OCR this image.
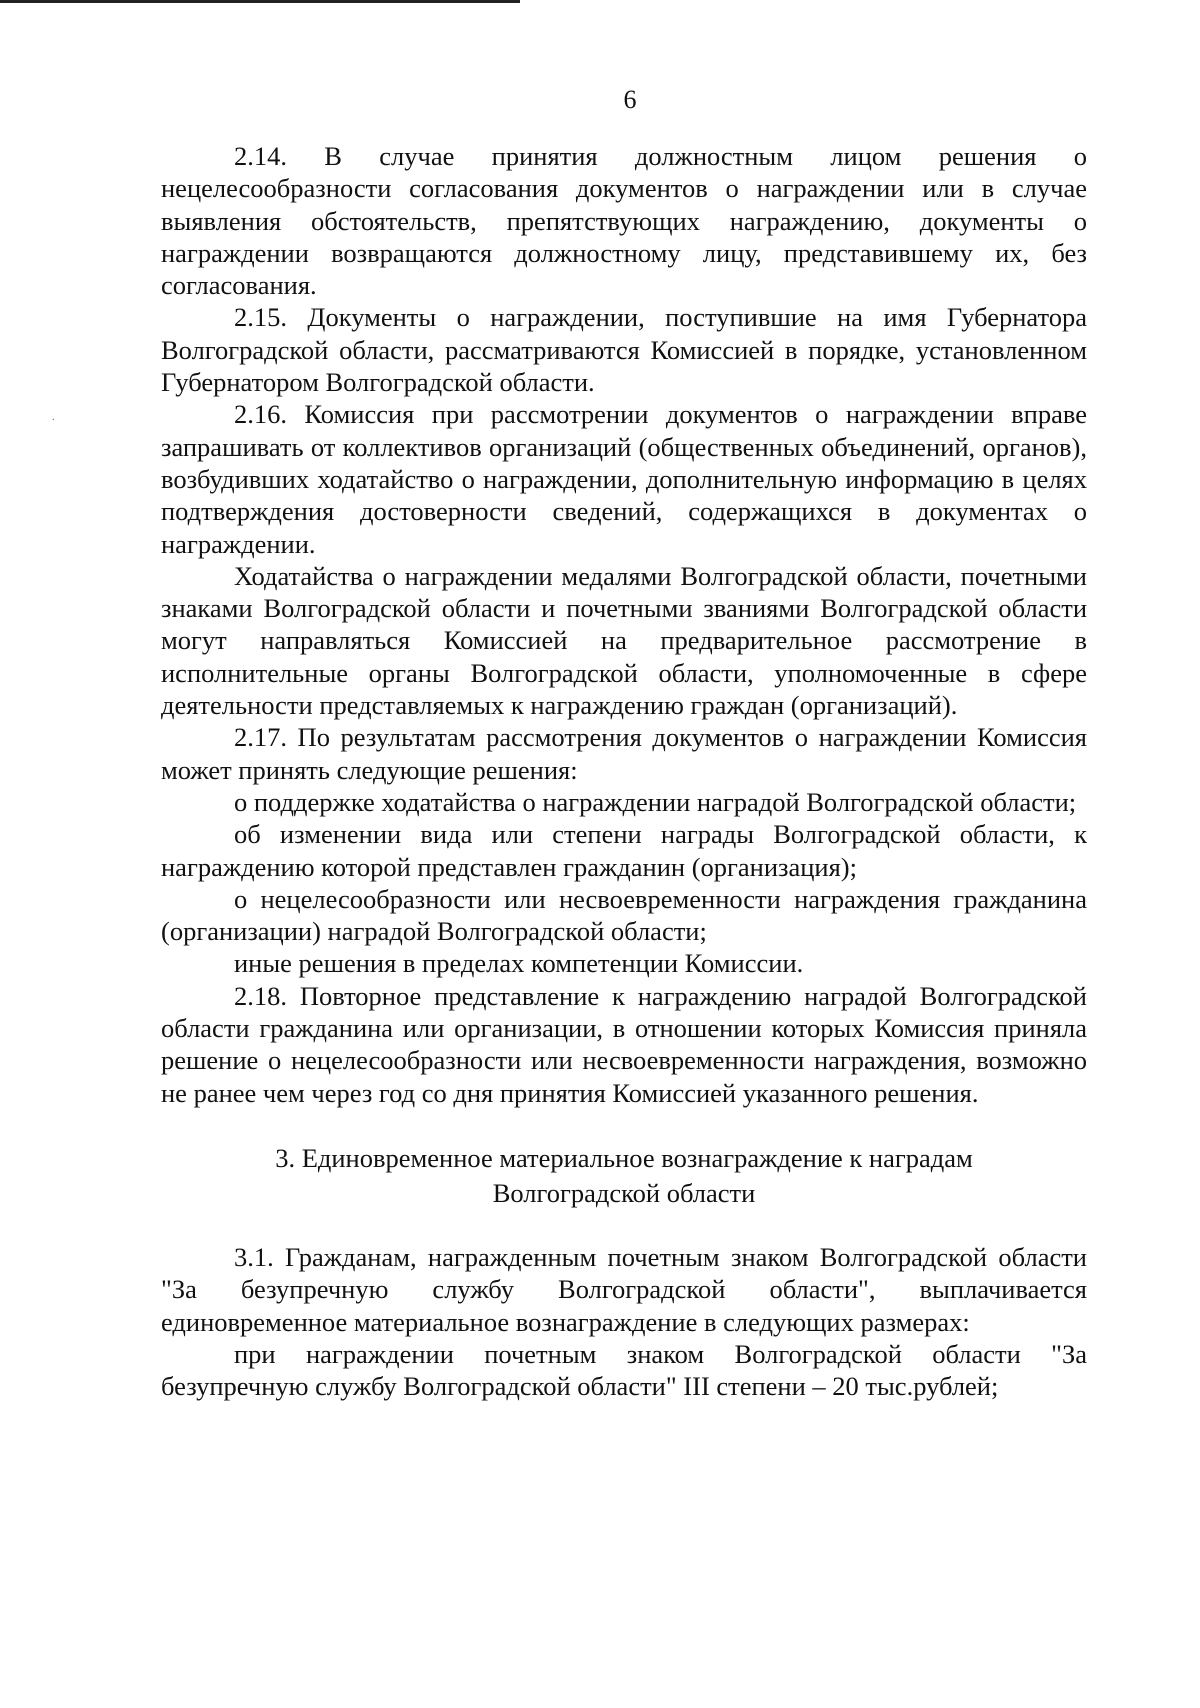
.
6

2.14. В случае принятия должностным лицом решения о нецелесообразности согласования документов о награждении или в случае выявления обстоятельств, препятствующих награждению, документы о награждении возвращаются должностному лицу, представившему их, без согласования.

2.15. Документы о награждении, поступившие на имя Губернатора Волгоградской области, рассматриваются Комиссией в порядке, установленном Губернатором Волгоградской области.

2.16. Комиссия при рассмотрении документов о награждении вправе запрашивать от коллективов организаций (общественных объединений, органов), возбудивших ходатайство о награждении, дополнительную информацию в целях подтверждения достоверности сведений, содержащихся в документах о награждении.

Ходатайства о награждении медалями Волгоградской области, почетными знаками Волгоградской области и почетными званиями Волгоградской области могут направляться Комиссией на предварительное рассмотрение в исполнительные органы Волгоградской области, уполномоченные в сфере деятельности представляемых к награждению граждан (организаций).

2.17. По результатам рассмотрения документов о награждении Комиссия может принять следующие решения:

о поддержке ходатайства о награждении наградой Волгоградской области;

об изменении вида или степени награды Волгоградской области, к награждению которой представлен гражданин (организация);

о нецелесообразности или несвоевременности награждения гражданина (организации) наградой Волгоградской области;

иные решения в пределах компетенции Комиссии.

2.18. Повторное представление к награждению наградой Волгоградской области гражданина или организации, в отношении которых Комиссия приняла решение о нецелесообразности или несвоевременности награждения, возможно не ранее чем через год со дня принятия Комиссией указанного решения.

3. Единовременное материальное вознаграждение к наградам
Волгоградской области

3.1. Гражданам, награжденным почетным знаком Волгоградской области "За безупречную службу Волгоградской области", выплачивается единовременное материальное вознаграждение в следующих размерах:

при награждении почетным знаком Волгоградской области "За безупречную службу Волгоградской области" III степени – 20 тыс.рублей;
